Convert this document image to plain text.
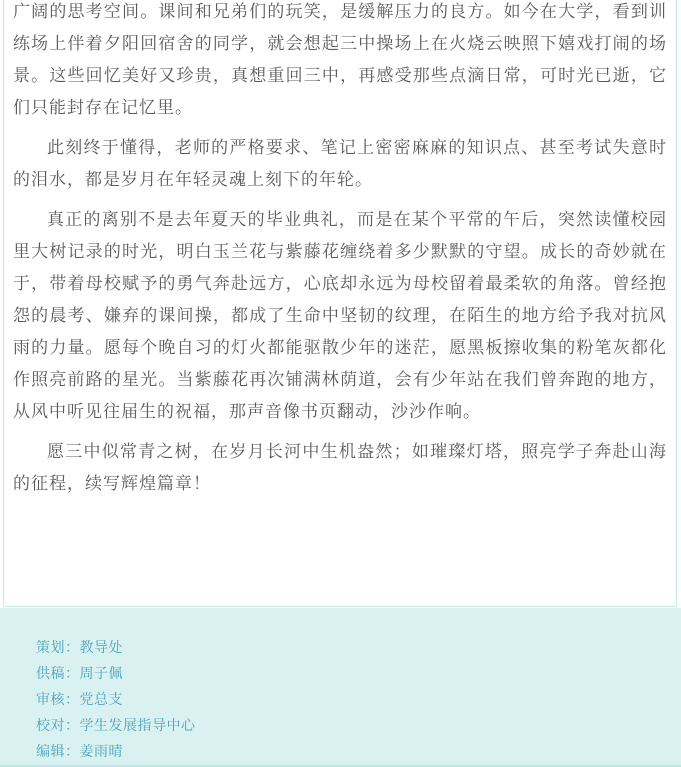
广阔的思考空间。课间和兄弟们的玩笑，是缓解压力的良方。如今在大学，看到训练场上伴着夕阳回宿舍的同学，就会想起三中操场上在火烧云映照下嬉戏打闹的场景。这些回忆美好又珍贵，真想重回三中，再感受那些点滴日常，可时光已逝，它们只能封存在记忆里。

此刻终于懂得，老师的严格要求、笔记上密密麻麻的知识点、甚至考试失意时的泪水，都是岁月在年轻灵魂上刻下的年轮。

真正的离别不是去年夏天的毕业典礼，而是在某个平常的午后，突然读懂校园里大树记录的时光，明白玉兰花与紫藤花缠绕着多少默默的守望。成长的奇妙就在于，带着母校赋予的勇气奔赴远方，心底却永远为母校留着最柔软的角落。曾经抱怨的晨考、嫌弃的课间操，都成了生命中坚韧的纹理，在陌生的地方给予我对抗风雨的力量。愿每个晚自习的灯火都能驱散少年的迷茫，愿黑板擦收集的粉笔灰都化作照亮前路的星光。当紫藤花再次铺满林荫道，会有少年站在我们曾奔跑的地方，从风中听见往届生的祝福，那声音像书页翻动，沙沙作响。

愿三中似常青之树，在岁月长河中生机盎然；如璀璨灯塔，照亮学子奔赴山海的征程，续写辉煌篇章！

策划：教导处
供稿：周子佩
审核：党总支
校对：学生发展指导中心
编辑：姜雨晴
